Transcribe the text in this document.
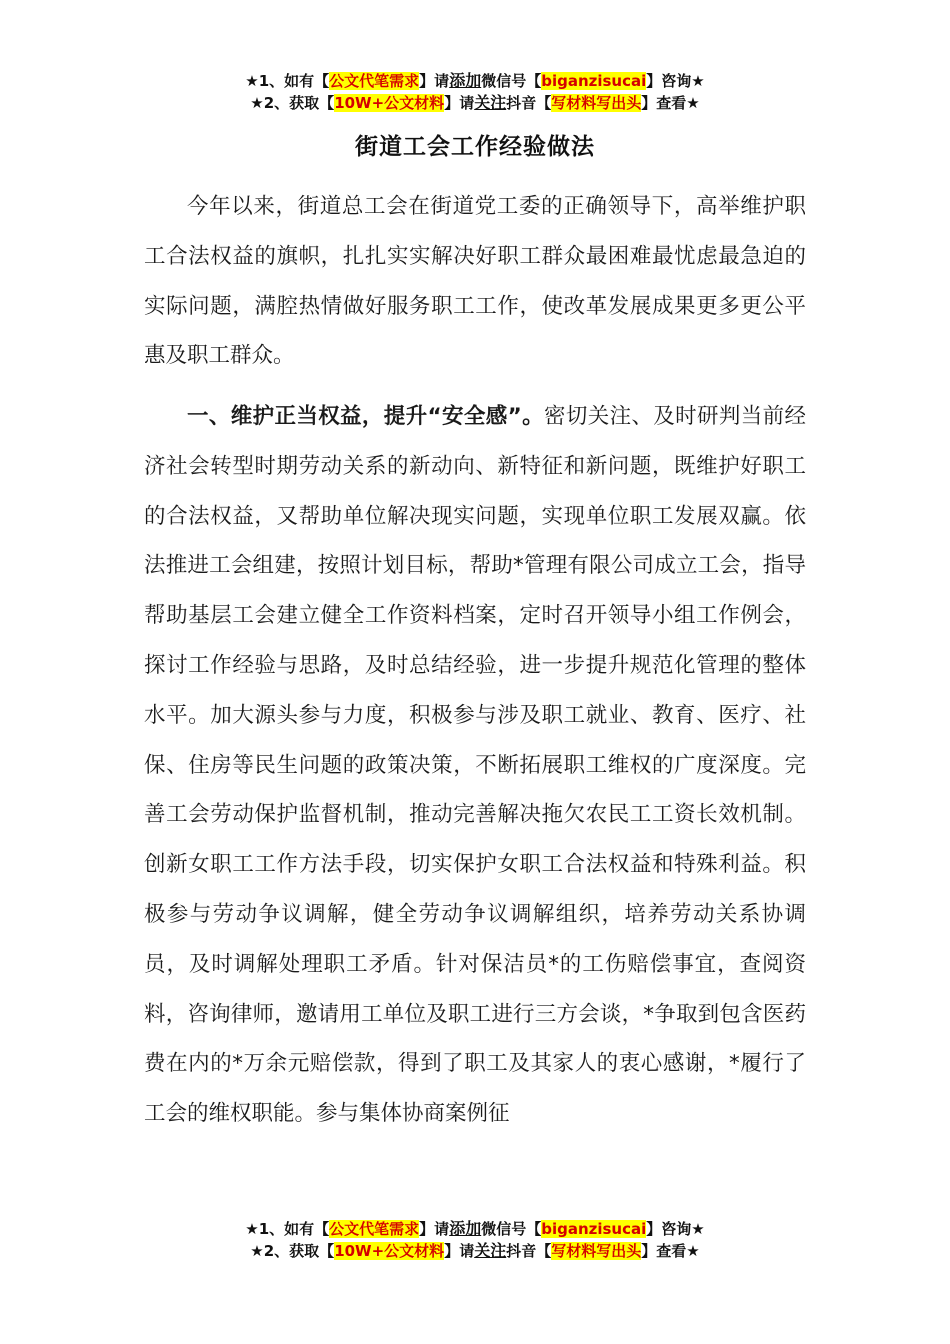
★1、如有【公文代笔需求】请添加微信号【biganzisucai】咨询★
★2、获取【10W+公文材料】请关注抖音【写材料写出头】查看★
街道工会工作经验做法

今年以来，街道总工会在街道党工委的正确领导下，高举维护职工合法权益的旗帜，扎扎实实解决好职工群众最困难最忧虑最急迫的实际问题，满腔热情做好服务职工工作，使改革发展成果更多更公平惠及职工群众。

一、维护正当权益，提升“安全感”。密切关注、及时研判当前经济社会转型时期劳动关系的新动向、新特征和新问题，既维护好职工的合法权益，又帮助单位解决现实问题，实现单位职工发展双赢。依法推进工会组建，按照计划目标，帮助*管理有限公司成立工会，指导帮助基层工会建立健全工作资料档案，定时召开领导小组工作例会，探讨工作经验与思路，及时总结经验，进一步提升规范化管理的整体水平。加大源头参与力度，积极参与涉及职工就业、教育、医疗、社保、住房等民生问题的政策决策，不断拓展职工维权的广度深度。完善工会劳动保护监督机制，推动完善解决拖欠农民工工资长效机制。创新女职工工作方法手段，切实保护女职工合法权益和特殊利益。积极参与劳动争议调解，健全劳动争议调解组织，培养劳动关系协调员，及时调解处理职工矛盾。针对保洁员*的工伤赔偿事宜，查阅资料，咨询律师，邀请用工单位及职工进行三方会谈，*争取到包含医药费在内的*万余元赔偿款，得到了职工及其家人的衷心感谢，*履行了工会的维权职能。参与集体协商案例征

★1、如有【公文代笔需求】请添加微信号【biganzisucai】咨询★
★2、获取【10W+公文材料】请关注抖音【写材料写出头】查看★
